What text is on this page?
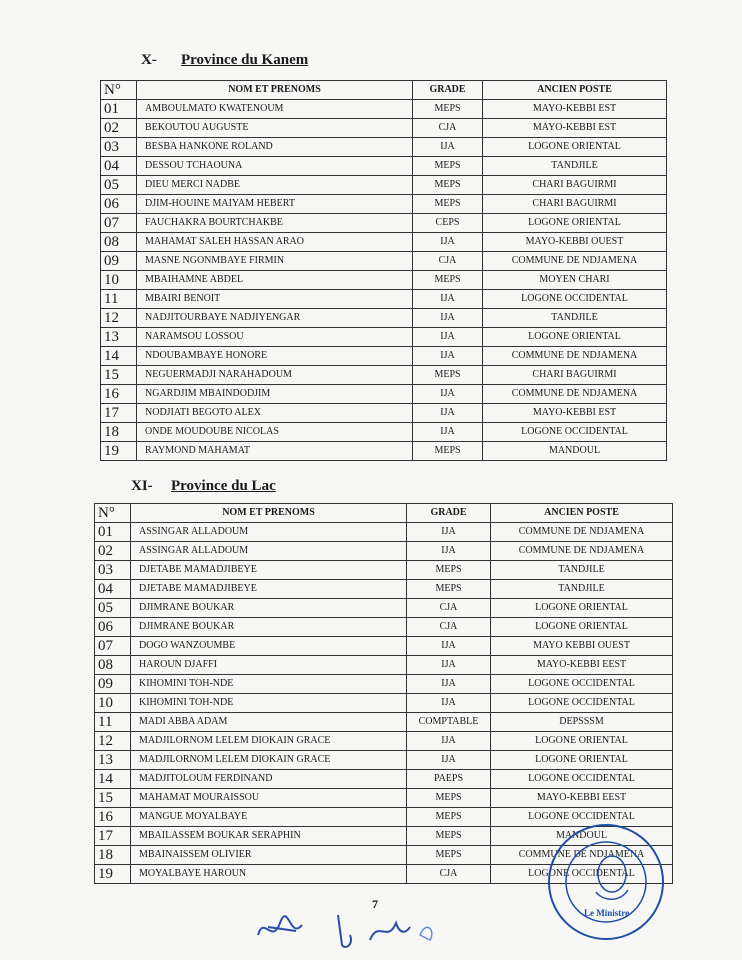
X- Province du Kanem
N°	NOM ET PRENOMS	GRADE	ANCIEN POSTE
01	AMBOULMATO KWATENOUM	MEPS	MAYO-KEBBI EST
02	BEKOUTOU AUGUSTE	CJA	MAYO-KEBBI EST
03	BESBA HANKONE ROLAND	IJA	LOGONE ORIENTAL
04	DESSOU TCHAOUNA	MEPS	TANDJILE
05	DIEU MERCI NADBE	MEPS	CHARI BAGUIRMI
06	DJIM-HOUINE MAIYAM HEBERT	MEPS	CHARI BAGUIRMI
07	FAUCHAKRA BOURTCHAKBE	CEPS	LOGONE ORIENTAL
08	MAHAMAT SALEH HASSAN ARAO	IJA	MAYO-KEBBI OUEST
09	MASNE NGONMBAYE FIRMIN	CJA	COMMUNE DE NDJAMENA
10	MBAIHAMNE ABDEL	MEPS	MOYEN CHARI
11	MBAIRI BENOIT	IJA	LOGONE OCCIDENTAL
12	NADJITOURBAYE NADJIYENGAR	IJA	TANDJILE
13	NARAMSOU LOSSOU	IJA	LOGONE ORIENTAL
14	NDOUBAMBAYE HONORE	IJA	COMMUNE DE NDJAMENA
15	NEGUERMADJI NARAHADOUM	MEPS	CHARI BAGUIRMI
16	NGARDJIM MBAINDODJIM	IJA	COMMUNE DE NDJAMENA
17	NODJIATI BEGOTO ALEX	IJA	MAYO-KEBBI EST
18	ONDE MOUDOUBE NICOLAS	IJA	LOGONE OCCIDENTAL
19	RAYMOND MAHAMAT	MEPS	MANDOUL
XI- Province du Lac
N°	NOM ET PRENOMS	GRADE	ANCIEN POSTE
01	ASSINGAR ALLADOUM	IJA	COMMUNE DE NDJAMENA
02	ASSINGAR ALLADOUM	IJA	COMMUNE DE NDJAMENA
03	DJETABE MAMADJIBEYE	MEPS	TANDJILE
04	DJETABE MAMADJIBEYE	MEPS	TANDJILE
05	DJIMRANE BOUKAR	CJA	LOGONE ORIENTAL
06	DJIMRANE BOUKAR	CJA	LOGONE ORIENTAL
07	DOGO WANZOUMBE	IJA	MAYO KEBBI OUEST
08	HAROUN DJAFFI	IJA	MAYO-KEBBI EEST
09	KIHOMINI TOH-NDE	IJA	LOGONE OCCIDENTAL
10	KIHOMINI TOH-NDE	IJA	LOGONE OCCIDENTAL
11	MADI ABBA ADAM	COMPTABLE	DEPSSSM
12	MADJILORNOM LELEM DIOKAIN GRACE	IJA	LOGONE ORIENTAL
13	MADJILORNOM LELEM DIOKAIN GRACE	IJA	LOGONE ORIENTAL
14	MADJITOLOUM FERDINAND	PAEPS	LOGONE OCCIDENTAL
15	MAHAMAT MOURAISSOU	MEPS	MAYO-KEBBI EEST
16	MANGUE MOYALBAYE	MEPS	LOGONE OCCIDENTAL
17	MBAILASSEM BOUKAR SERAPHIN	MEPS	MANDOUL
18	MBAINAISSEM OLIVIER	MEPS	COMMUNE DE NDJAMENA
19	MOYALBAYE HAROUN	CJA	LOGONE OCCIDENTAL
7
Le Ministre
